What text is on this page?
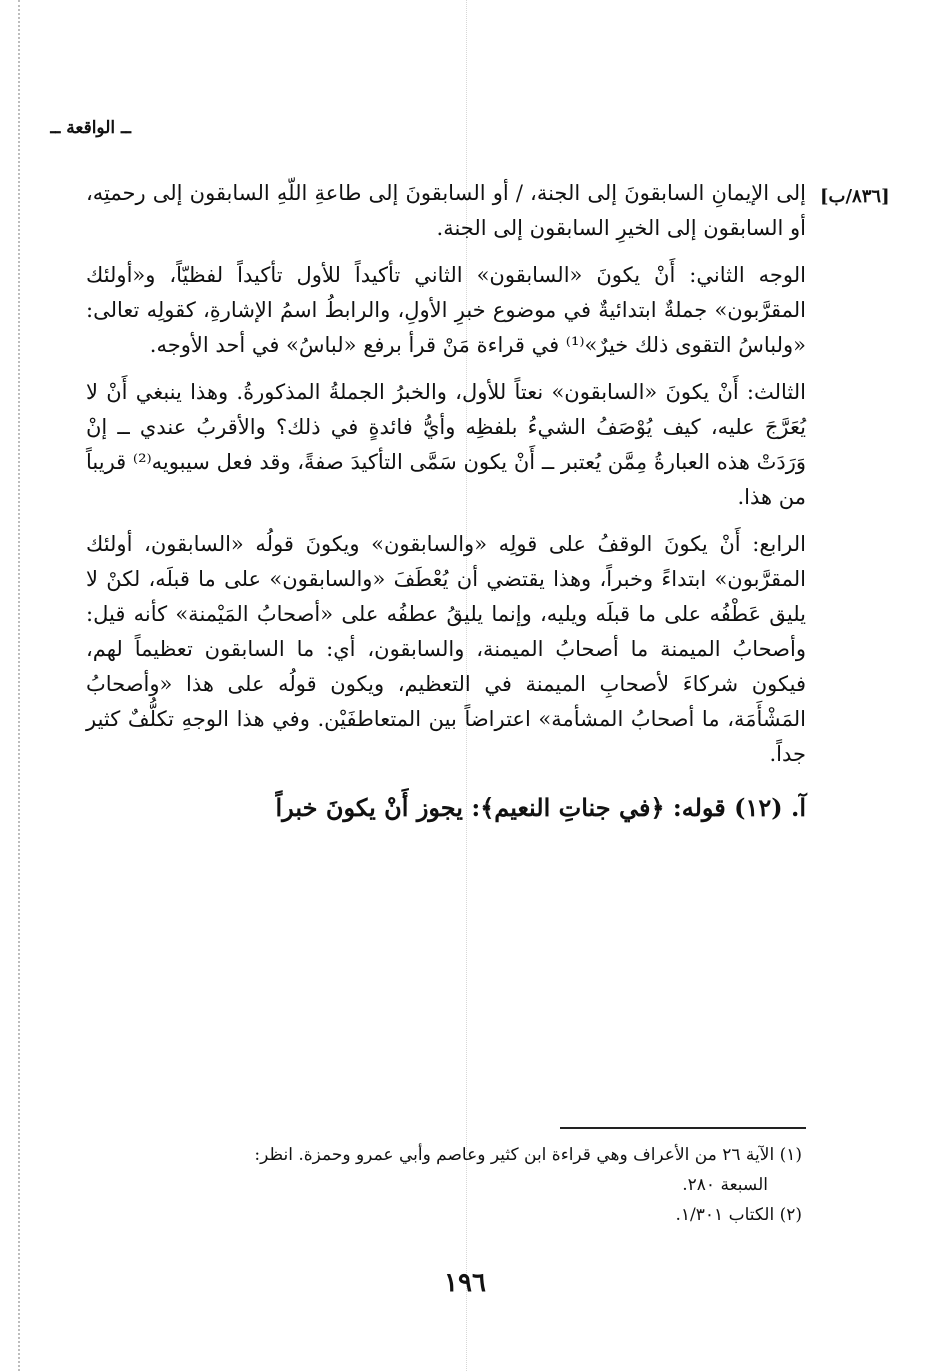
ــ الواقعة ــ
[٨٣٦/ب]

إلى الإيمانِ السابقونَ إلى الجنة، / أو السابقونَ إلى طاعةِ اللّهِ السابقون إلى رحمتِه، أو السابقون إلى الخيرِ السابقون إلى الجنة.

الوجه الثاني: أَنْ يكونَ «السابقون» الثاني تأكيداً للأول تأكيداً لفظيّاً، و«أولئك المقرَّبون» جملةٌ ابتدائيةٌ في موضوع خبرِ الأولِ، والرابطُ اسمُ الإشارةِ، كقولِه تعالى: «ولباسُ التقوى ذلك خيرٌ»⁽¹⁾ في قراءة مَنْ قرأ برفع «لباسُ» في أحد الأوجه.

الثالث: أَنْ يكونَ «السابقون» نعتاً للأول، والخبرُ الجملةُ المذكورةُ. وهذا ينبغي أَنْ لا يُعَرَّجَ عليه، كيف يُوْصَفُ الشيءُ بلفظِه وأيُّ فائدةٍ في ذلك؟ والأقربُ عندي ــ إنْ وَرَدَتْ هذه العبارةُ مِمَّن يُعتبر ــ أَنْ يكون سَمَّى التأكيدَ صفةً، وقد فعل سيبويه⁽²⁾ قريباً من هذا.

الرابع: أَنْ يكونَ الوقفُ على قولِه «والسابقون» ويكونَ قولُه «السابقون، أولئك المقرَّبون» ابتداءً وخبراً، وهذا يقتضي أن يُعْطَفَ «والسابقون» على ما قبلَه، لكنْ لا يليق عَطْفُه على ما قبلَه ويليه، وإنما يليقُ عطفُه على «أصحابُ المَيْمنة» كأنه قيل: وأصحابُ الميمنة ما أصحابُ الميمنة، والسابقون، أي: ما السابقون تعظيماً لهم، فيكون شركاءَ لأصحابِ الميمنة في التعظيم، ويكون قولُه على هذا «وأصحابُ المَشْأَمَة، ما أصحابُ المشأمة» اعتراضاً بين المتعاطفَيْن. وفي هذا الوجهِ تكلُّفٌ كثير جداً.

آ. (١٢) قوله: ﴿في جناتِ النعيم﴾: يجوز أَنْ يكونَ خبراً

(١) الآية ٢٦ من الأعراف وهي قراءة ابن كثير وعاصم وأبي عمرو وحمزة. انظر:
السبعة ٢٨٠.
(٢) الكتاب ١/٣٠١.
١٩٦
